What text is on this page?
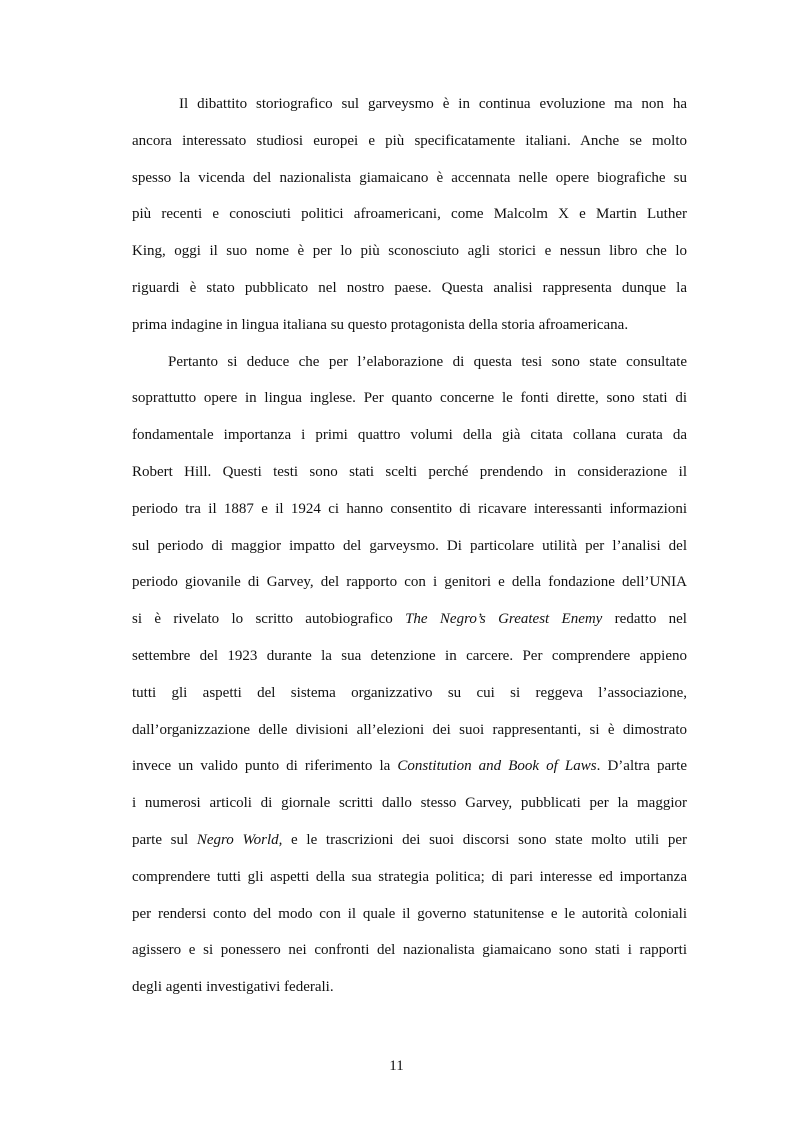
Il dibattito storiografico sul garveysmo è in continua evoluzione ma non ha
ancora interessato studiosi europei e più specificatamente italiani. Anche se molto
spesso la vicenda del nazionalista giamaicano è accennata nelle opere biografiche su
più recenti e conosciuti politici afroamericani, come Malcolm X e Martin Luther
King, oggi il suo nome è per lo più sconosciuto agli storici e nessun libro che lo
riguardi è stato pubblicato nel nostro paese. Questa analisi rappresenta dunque la
prima indagine in lingua italiana su questo protagonista della storia afroamericana.
Pertanto si deduce che per l’elaborazione di questa tesi sono state consultate
soprattutto opere in lingua inglese. Per quanto concerne le fonti dirette, sono stati di
fondamentale importanza i primi quattro volumi della già citata collana curata da
Robert Hill. Questi testi sono stati scelti perché prendendo in considerazione il
periodo tra il 1887 e il 1924 ci hanno consentito di ricavare interessanti informazioni
sul periodo di maggior impatto del garveysmo. Di particolare utilità per l’analisi del
periodo giovanile di Garvey, del rapporto con i genitori e della fondazione dell’UNIA
si è rivelato lo scritto autobiografico The Negro’s Greatest Enemy redatto nel
settembre del 1923 durante la sua detenzione in carcere. Per comprendere appieno
tutti gli aspetti del sistema organizzativo su cui si reggeva l’associazione,
dall’organizzazione delle divisioni all’elezioni dei suoi rappresentanti, si è dimostrato
invece un valido punto di riferimento la Constitution and Book of Laws. D’altra parte
i numerosi articoli di giornale scritti dallo stesso Garvey, pubblicati per la maggior
parte sul Negro World, e le trascrizioni dei suoi discorsi sono state molto utili per
comprendere tutti gli aspetti della sua strategia politica; di pari interesse ed importanza
per rendersi conto del modo con il quale il governo statunitense e le autorità coloniali
agissero e si ponessero nei confronti del nazionalista giamaicano sono stati i rapporti
degli agenti investigativi federali.
11
